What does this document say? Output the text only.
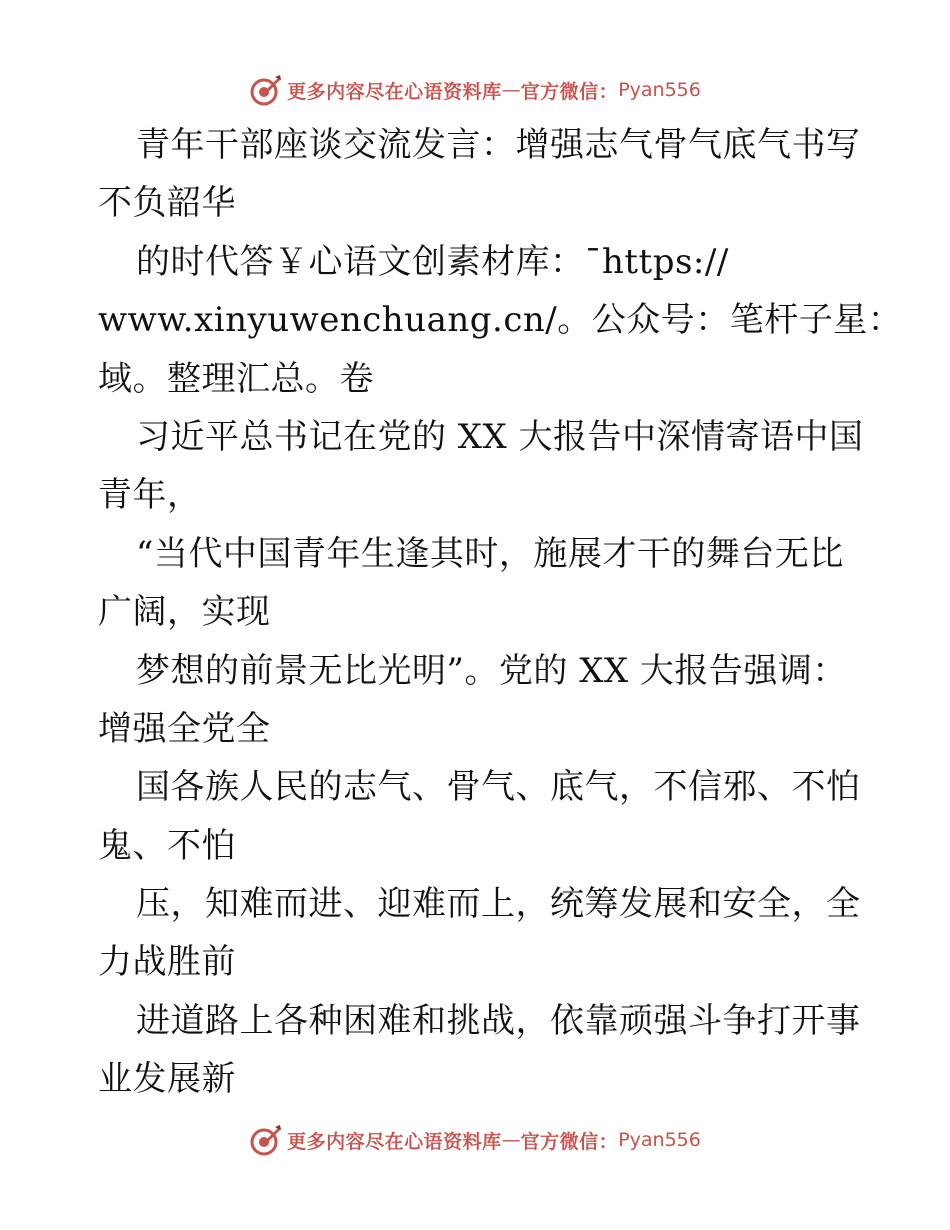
更多内容尽在心语资料库 — 官方微信： Pyan556
青年干部座谈交流发言：增强志气骨气底气书写
不负韶华
的时代答￥心语文创素材库：¯https://
www.xinyuwenchuang.cn/。公众号：笔杆子星：
域。整理汇总。卷
习近平总书记在党的 XX 大报告中深情寄语中国
青年，
“当代中国青年生逢其时，施展才干的舞台无比
广阔，实现
梦想的前景无比光明”。党的 XX 大报告强调：
增强全党全
国各族人民的志气、骨气、底气，不信邪、不怕
鬼、不怕
压，知难而进、迎难而上，统筹发展和安全，全
力战胜前
进道路上各种困难和挑战，依靠顽强斗争打开事
业发展新
更多内容尽在心语资料库 — 官方微信： Pyan556
